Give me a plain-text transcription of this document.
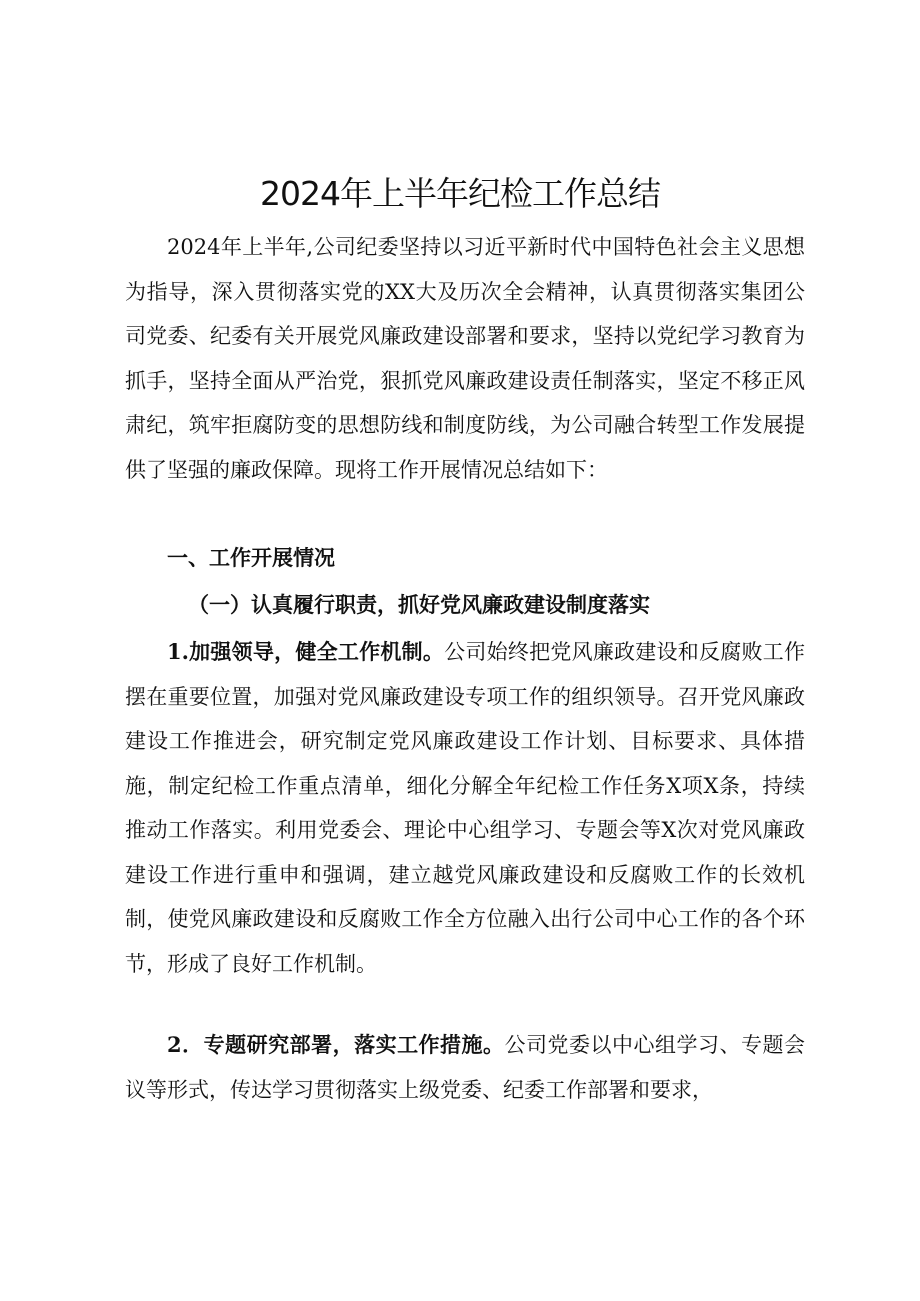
2024年上半年纪检工作总结

2024年上半年,公司纪委坚持以习近平新时代中国特色社会主义思想为指导，深入贯彻落实党的XX大及历次全会精神，认真贯彻落实集团公司党委、纪委有关开展党风廉政建设部署和要求，坚持以党纪学习教育为抓手，坚持全面从严治党，狠抓党风廉政建设责任制落实，坚定不移正风肃纪，筑牢拒腐防变的思想防线和制度防线，为公司融合转型工作发展提供了坚强的廉政保障。现将工作开展情况总结如下：

一、工作开展情况

（一）认真履行职责，抓好党风廉政建设制度落实

1.加强领导，健全工作机制。公司始终把党风廉政建设和反腐败工作摆在重要位置，加强对党风廉政建设专项工作的组织领导。召开党风廉政建设工作推进会，研究制定党风廉政建设工作计划、目标要求、具体措施，制定纪检工作重点清单，细化分解全年纪检工作任务X项X条，持续推动工作落实。利用党委会、理论中心组学习、专题会等X次对党风廉政建设工作进行重申和强调，建立越党风廉政建设和反腐败工作的长效机制，使党风廉政建设和反腐败工作全方位融入出行公司中心工作的各个环节，形成了良好工作机制。

2．专题研究部署，落实工作措施。公司党委以中心组学习、专题会议等形式，传达学习贯彻落实上级党委、纪委工作部署和要求，
